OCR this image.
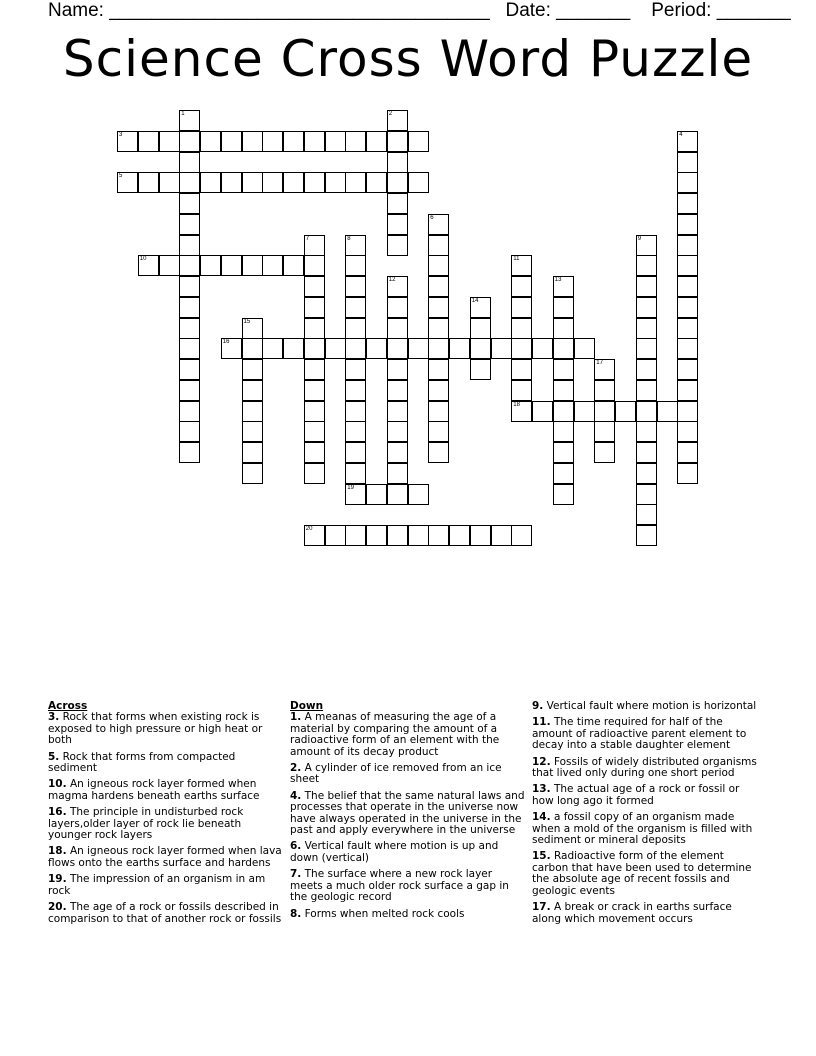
Name: ____________________________________   Date: _______    Period: _______
Science Cross Word Puzzle
1	2
3	4
5
6
7	8	9
10	11
18
12	13
14
15
16
17
19
20
Across
3. Rock that forms when existing rock is exposed to high pressure or high heat or both
5. Rock that forms from compacted sediment
10. An igneous rock layer formed when magma hardens beneath earths surface
16. The principle in undisturbed rock layers,older layer of rock lie beneath younger rock layers
18. An igneous rock layer formed when lava flows onto the earths surface and hardens
19. The impression of an organism in am rock
20. The age of a rock or fossils described in comparison to that of another rock or fossils
Down
1. A meanas of measuring the age of a material by comparing the amount of a radioactive form of an element with the amount of its decay product
2. A cylinder of ice removed from an ice sheet
4. The belief that the same natural laws and processes that operate in the universe now have always operated in the universe in the past and apply everywhere in the universe
6. Vertical fault where motion is up and down (vertical)
7. The surface where a new rock layer meets a much older rock surface a gap in the geologic record
8. Forms when melted rock cools
9. Vertical fault where motion is horizontal
11. The time required for half of the amount of radioactive parent element to decay into a stable daughter element
12. Fossils of widely distributed organisms that lived only during one short period
13. The actual age of a rock or fossil or how long ago it formed
14. a fossil copy of an organism made when a mold of the organism is filled with sediment or mineral deposits
15. Radioactive form of the element carbon that have been used to determine the absolute age of recent fossils and geologic events
17. A break or crack in earths surface along which movement occurs
